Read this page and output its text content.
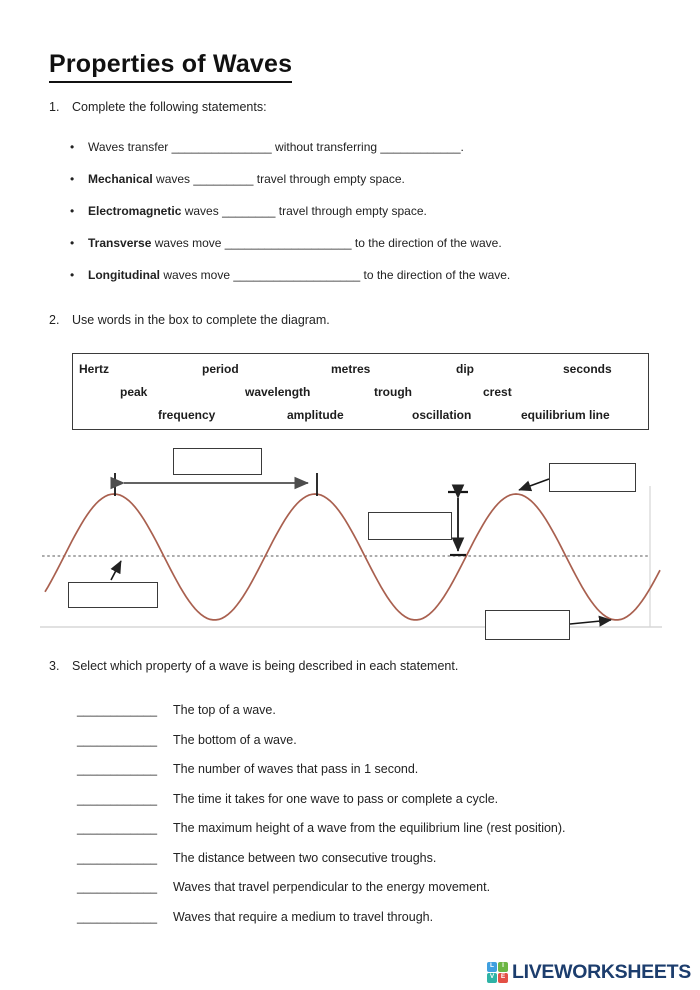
Properties of Waves
1. Complete the following statements:
• Waves transfer _______________ without transferring ____________.
• Mechanical waves _________ travel through empty space.
• Electromagnetic waves ________ travel through empty space.
• Transverse waves move ___________________ to the direction of the wave.
• Longitudinal waves move ___________________ to the direction of the wave.
2. Use words in the box to complete the diagram.
Hertz	period	metres	dip	seconds
peak	wavelength	trough	crest
frequency	amplitude	oscillation	equilibrium line
3. Select which property of a wave is being described in each statement.
____________ The top of a wave.
____________ The bottom of a wave.
____________ The number of waves that pass in 1 second.
____________ The time it takes for one wave to pass or complete a cycle.
____________ The maximum height of a wave from the equilibrium line (rest position).
____________ The distance between two consecutive troughs.
____________ Waves that travel perpendicular to the energy movement.
____________ Waves that require a medium to travel through.
L	I
V	E LIVEWORKSHEETS
